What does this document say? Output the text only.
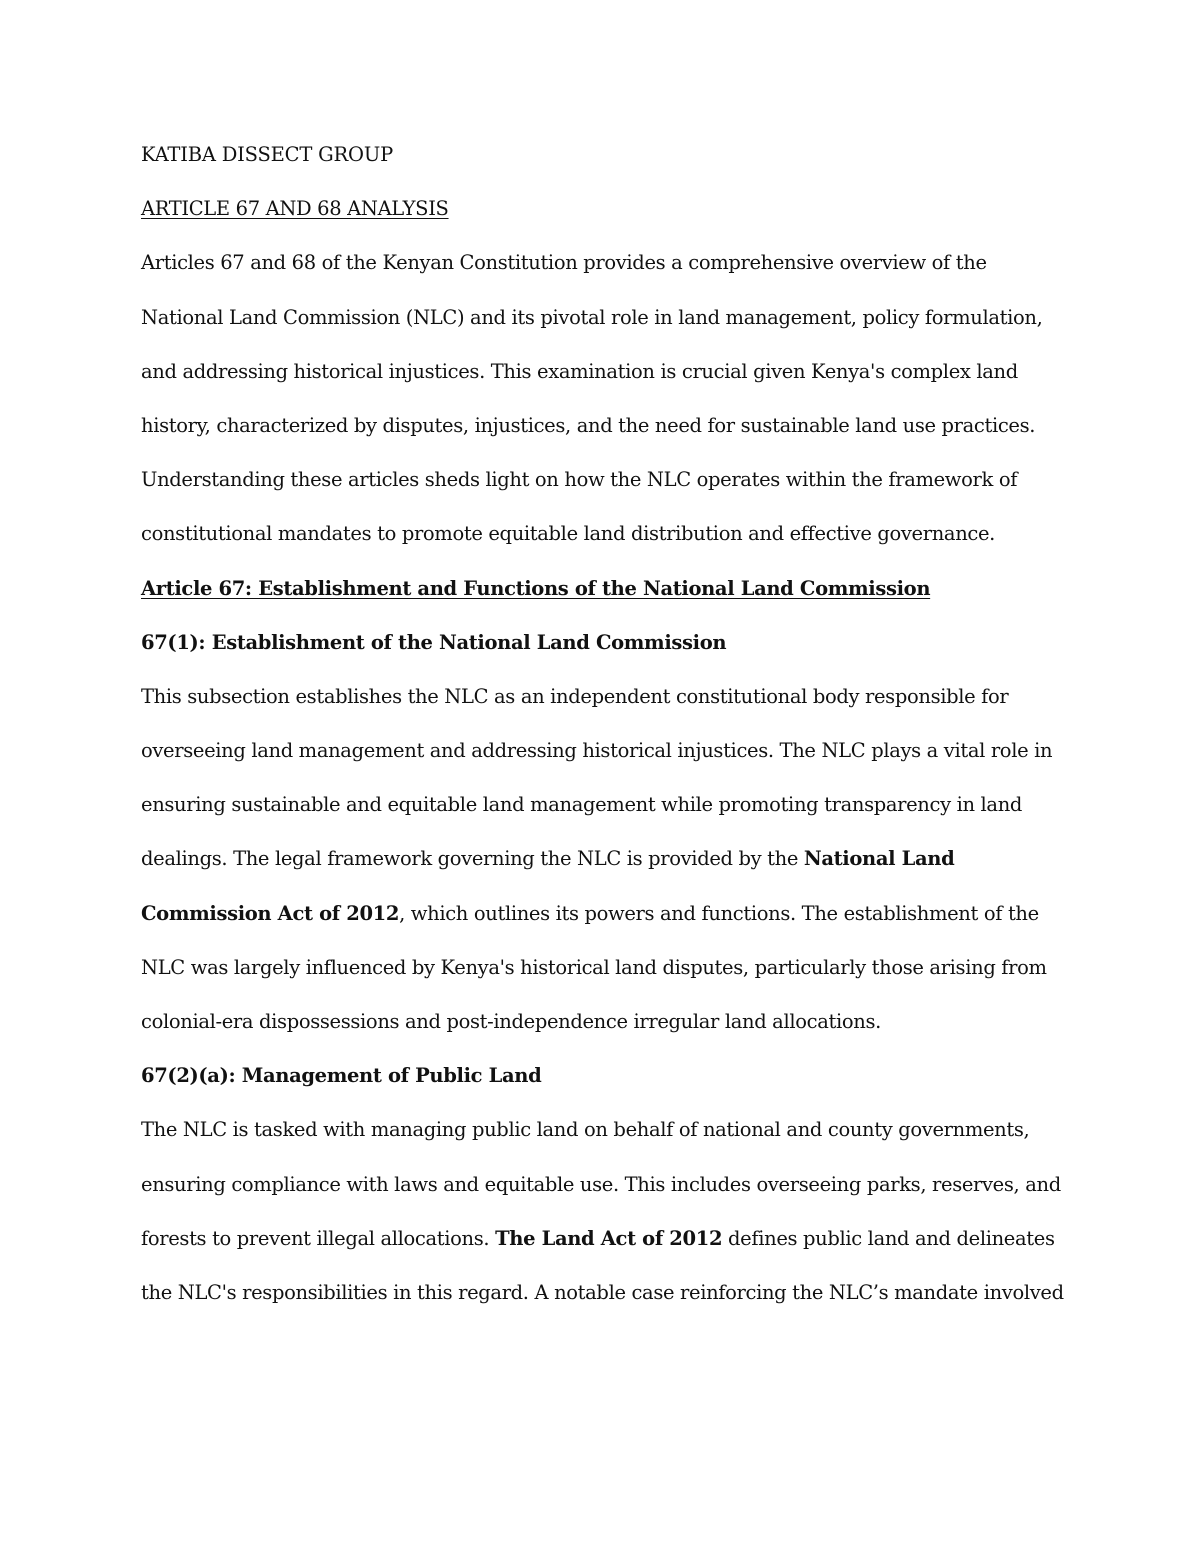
KATIBA DISSECT GROUP
ARTICLE 67 AND 68 ANALYSIS
Articles 67 and 68 of the Kenyan Constitution provides a comprehensive overview of the
National Land Commission (NLC) and its pivotal role in land management, policy formulation,
and addressing historical injustices. This examination is crucial given Kenya's complex land
history, characterized by disputes, injustices, and the need for sustainable land use practices.
Understanding these articles sheds light on how the NLC operates within the framework of
constitutional mandates to promote equitable land distribution and effective governance.
Article 67: Establishment and Functions of the National Land Commission
67(1): Establishment of the National Land Commission
This subsection establishes the NLC as an independent constitutional body responsible for
overseeing land management and addressing historical injustices. The NLC plays a vital role in
ensuring sustainable and equitable land management while promoting transparency in land
dealings. The legal framework governing the NLC is provided by the National Land
Commission Act of 2012, which outlines its powers and functions. The establishment of the
NLC was largely influenced by Kenya's historical land disputes, particularly those arising from
colonial-era dispossessions and post-independence irregular land allocations.
67(2)(a): Management of Public Land
The NLC is tasked with managing public land on behalf of national and county governments,
ensuring compliance with laws and equitable use. This includes overseeing parks, reserves, and
forests to prevent illegal allocations. The Land Act of 2012 defines public land and delineates
the NLC's responsibilities in this regard. A notable case reinforcing the NLC’s mandate involved
